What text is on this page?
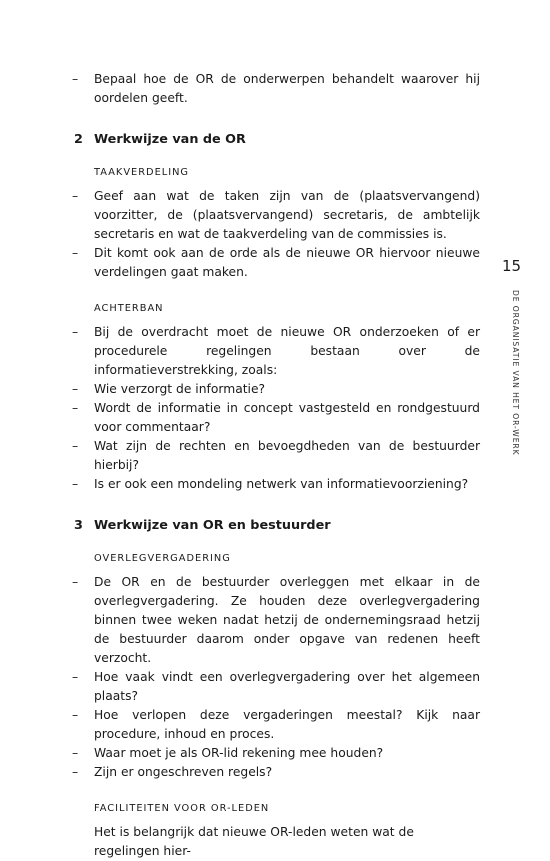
– Bepaal hoe de OR de onderwerpen behandelt waarover hij oordelen geeft.
2 Werkwijze van de OR
TAAKVERDELING
– Geef aan wat de taken zijn van de (plaatsvervangend) voorzitter, de (plaatsvervangend) secretaris, de ambtelijk secretaris en wat de taakverdeling van de commissies is.
– Dit komt ook aan de orde als de nieuwe OR hiervoor nieuwe verdelingen gaat maken.
ACHTERBAN
– Bij de overdracht moet de nieuwe OR onderzoeken of er procedurele regelingen bestaan over de informatieverstrekking, zoals:
– Wie verzorgt de informatie?
– Wordt de informatie in concept vastgesteld en rondgestuurd voor commentaar?
– Wat zijn de rechten en bevoegdheden van de bestuurder hierbij?
– Is er ook een mondeling netwerk van informatievoorziening?
3 Werkwijze van OR en bestuurder
OVERLEGVERGADERING
– De OR en de bestuurder overleggen met elkaar in de overlegvergadering. Ze houden deze overlegvergadering binnen twee weken nadat hetzij de ondernemingsraad hetzij de bestuurder daarom onder opgave van redenen heeft verzocht.
– Hoe vaak vindt een overlegvergadering over het algemeen plaats?
– Hoe verlopen deze vergaderingen meestal? Kijk naar procedure, inhoud en proces.
– Waar moet je als OR-lid rekening mee houden?
– Zijn er ongeschreven regels?
FACILITEITEN VOOR OR-LEDEN
Het is belangrijk dat nieuwe OR-leden weten wat de regelingen hier-
15
DE ORGANISATIE VAN HET OR-WERK
